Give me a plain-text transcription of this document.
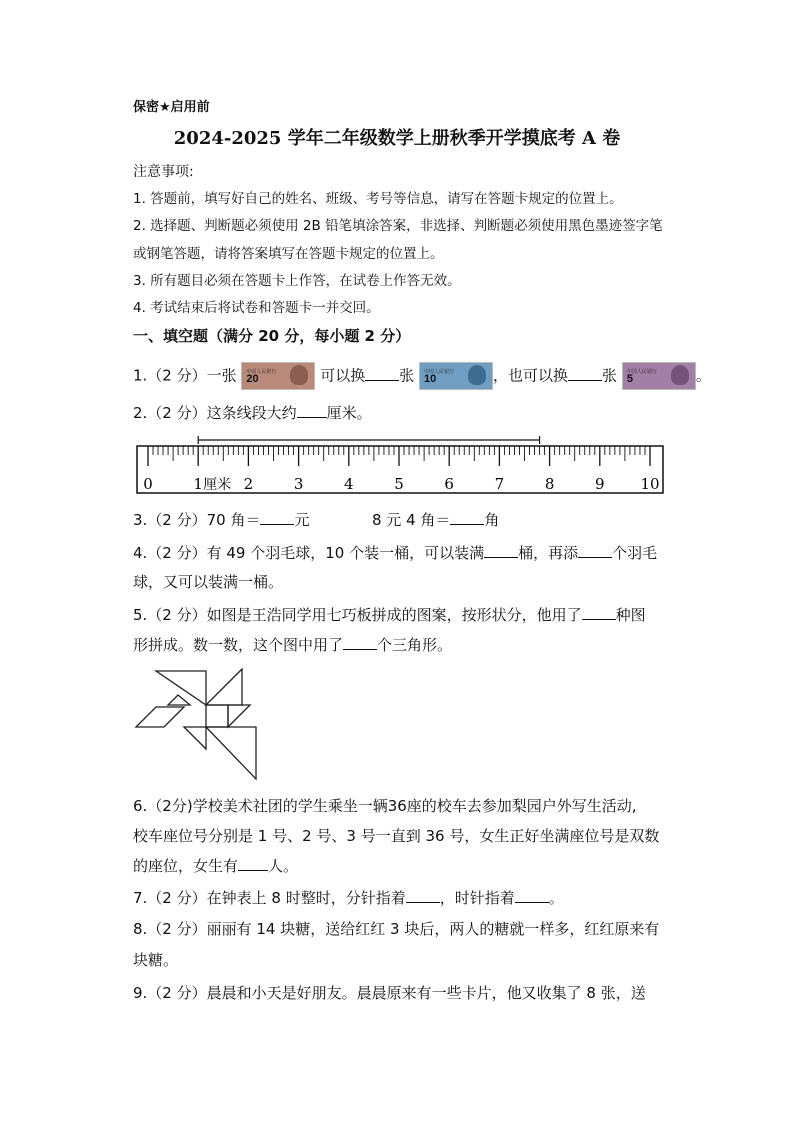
保密★启用前
2024-2025 学年二年级数学上册秋季开学摸底考 A 卷
注意事项:
1. 答题前，填写好自己的姓名、班级、考号等信息，请写在答题卡规定的位置上。
2. 选择题、判断题必须使用 2B 铅笔填涂答案，非选择、判断题必须使用黑色墨迹签字笔
或钢笔答题，请将答案填写在答题卡规定的位置上。
3. 所有题目必须在答题卡上作答，在试卷上作答无效。
4. 考试结束后将试卷和答题卡一并交回。
一、填空题（满分 20 分，每小题 2 分）
1.（2 分）一张 中国人民银行
20	可以换 张 中国人民银行
10	，也可以换 张 中国人民银行
5	。
2.（2 分）这条线段大约 厘米。
厘米
0	1	2	3	4	5	6	7	8	9 10
3.（2 分）70 角＝ 元	8 元 4 角＝ 角
4.（2 分）有 49 个羽毛球，10 个装一桶，可以装满 桶，再添 个羽毛
球，又可以装满一桶。
5.（2 分）如图是王浩同学用七巧板拼成的图案，按形状分，他用了 种图
形拼成。数一数，这个图中用了 个三角形。
6.（2分)学校美术社团的学生乘坐一辆36座的校车去参加梨园户外写生活动,
校车座位号分别是 1 号、2 号、3 号一直到 36 号，女生正好坐满座位号是双数
的座位，女生有 人。
7.（2 分）在钟表上 8 时整时，分针指着 ，时针指着 。
8.（2 分）丽丽有 14 块糖，送给红红 3 块后，两人的糖就一样多，红红原来有
块糖。
9.（2 分）晨晨和小天是好朋友。晨晨原来有一些卡片，他又收集了 8 张，送
